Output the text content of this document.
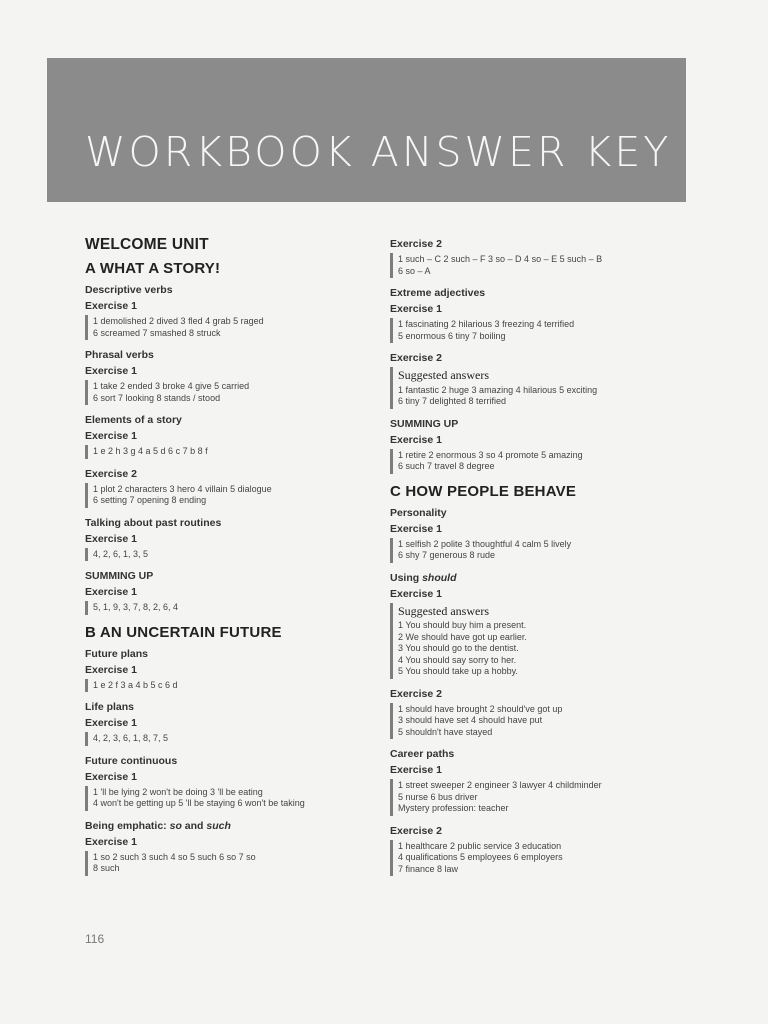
WORKBOOK ANSWER KEY
WELCOME UNIT
A WHAT A STORY!
Descriptive verbs
Exercise 1
1 demolished 2 dived 3 fled 4 grab 5 raged
6 screamed 7 smashed 8 struck
Phrasal verbs
Exercise 1
1 take 2 ended 3 broke 4 give 5 carried
6 sort 7 looking 8 stands / stood
Elements of a story
Exercise 1
1 e 2 h 3 g 4 a 5 d 6 c 7 b 8 f
Exercise 2
1 plot 2 characters 3 hero 4 villain 5 dialogue
6 setting 7 opening 8 ending
Talking about past routines
Exercise 1
4, 2, 6, 1, 3, 5
SUMMING UP
Exercise 1
5, 1, 9, 3, 7, 8, 2, 6, 4
B AN UNCERTAIN FUTURE
Future plans
Exercise 1
1 e 2 f 3 a 4 b 5 c 6 d
Life plans
Exercise 1
4, 2, 3, 6, 1, 8, 7, 5
Future continuous
Exercise 1
1 'll be lying 2 won't be doing 3 'll be eating
4 won't be getting up 5 'll be staying 6 won't be taking
Being emphatic: so and such
Exercise 1
1 so 2 such 3 such 4 so 5 such 6 so 7 so
8 such
Exercise 2
1 such – C 2 such – F 3 so – D 4 so – E 5 such – B
6 so – A
Extreme adjectives
Exercise 1
1 fascinating 2 hilarious 3 freezing 4 terrified
5 enormous 6 tiny 7 boiling
Exercise 2
Suggested answers
1 fantastic 2 huge 3 amazing 4 hilarious 5 exciting
6 tiny 7 delighted 8 terrified
SUMMING UP
Exercise 1
1 retire 2 enormous 3 so 4 promote 5 amazing
6 such 7 travel 8 degree
C HOW PEOPLE BEHAVE
Personality
Exercise 1
1 selfish 2 polite 3 thoughtful 4 calm 5 lively
6 shy 7 generous 8 rude
Using should
Exercise 1
Suggested answers
1 You should buy him a present.
2 We should have got up earlier.
3 You should go to the dentist.
4 You should say sorry to her.
5 You should take up a hobby.
Exercise 2
1 should have brought 2 should've got up
3 should have set 4 should have put
5 shouldn't have stayed
Career paths
Exercise 1
1 street sweeper 2 engineer 3 lawyer 4 childminder
5 nurse 6 bus driver
Mystery profession: teacher
Exercise 2
1 healthcare 2 public service 3 education
4 qualifications 5 employees 6 employers
7 finance 8 law
116
